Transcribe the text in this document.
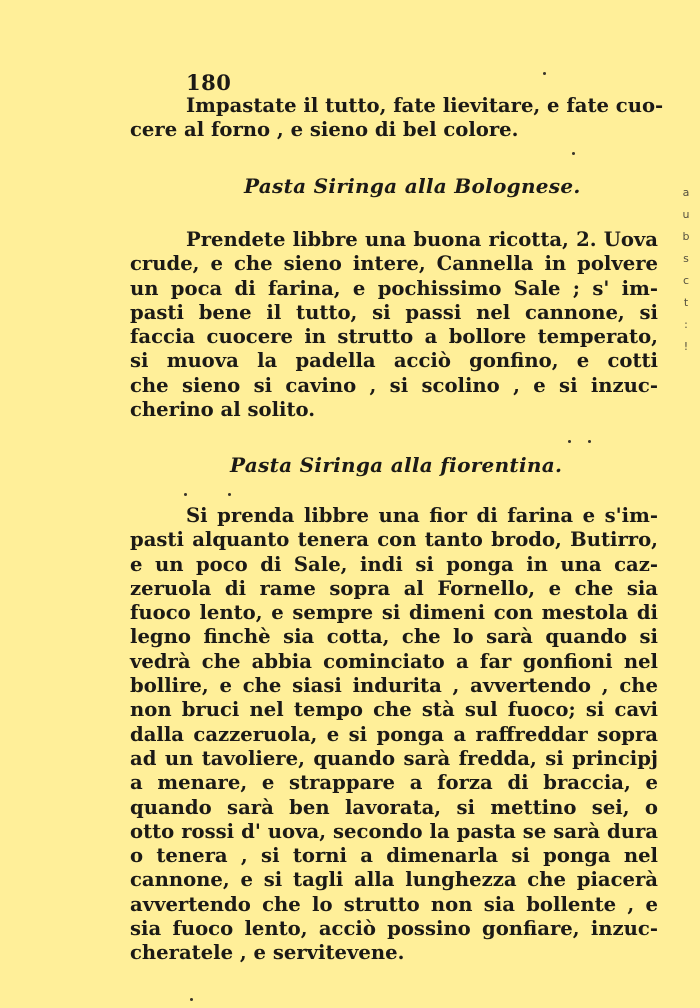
180
Impastate il tutto, fate lievitare, e fate cuo-
cere al forno , e sieno di bel colore.
Pasta Siringa alla Bolognese.
Prendete libbre una buona ricotta, 2. Uova
crude, e che sieno intere, Cannella in polvere
un poca di farina, e pochissimo Sale ; s' im-
pasti bene il tutto, si passi nel cannone, si
faccia cuocere in strutto a bollore temperato,
si muova la padella acciò gonfino, e cotti
che sieno si cavino , si scolino , e si inzuc-
cherino al solito.
Pasta Siringa alla fiorentina.
Si prenda libbre una fior di farina e s'im-
pasti alquanto tenera con tanto brodo, Butirro,
e un poco di Sale, indi si ponga in una caz-
zeruola di rame sopra al Fornello, e che sia
fuoco lento, e sempre si dimeni con mestola di
legno finchè sia cotta, che lo sarà quando si
vedrà che abbia cominciato a far gonfioni nel
bollire, e che siasi indurita , avvertendo , che
non bruci nel tempo che stà sul fuoco; si cavi
dalla cazzeruola, e si ponga a raffreddar sopra
ad un tavoliere, quando sarà fredda, si principj
a menare, e strappare a forza di braccia, e
quando sarà ben lavorata, si mettino sei, o
otto rossi d' uova, secondo la pasta se sarà dura
o tenera , si torni a dimenarla si ponga nel
cannone, e si tagli alla lunghezza che piacerà
avvertendo che lo strutto non sia bollente , e
sia fuoco lento, acciò possino gonfiare, inzuc-
cheratele , e servitevene.
a
u
b
s
c
t
:
!
